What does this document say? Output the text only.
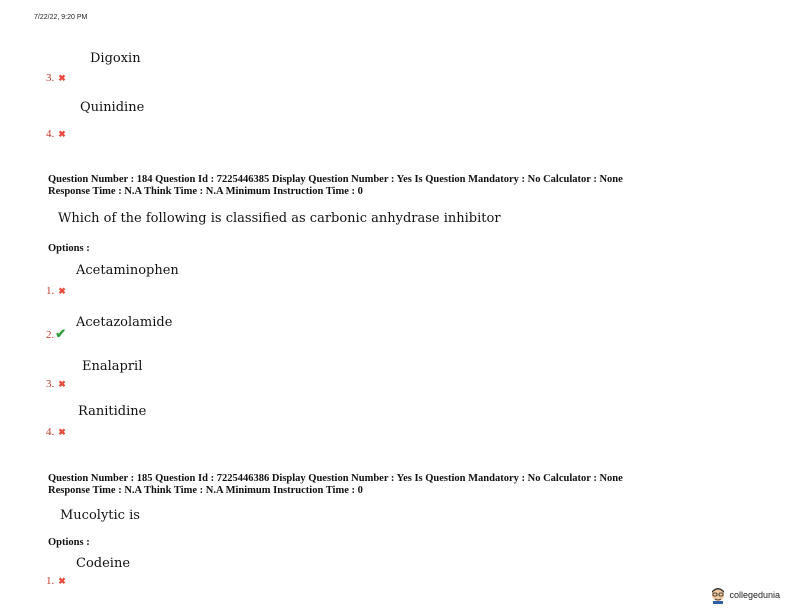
7/22/22, 9:20 PM
Digoxin
3. ✖
Quinidine
4. ✖
Question Number : 184 Question Id : 7225446385 Display Question Number : Yes Is Question Mandatory : No Calculator : None
Response Time : N.A Think Time : N.A Minimum Instruction Time : 0
Which of the following is classified as carbonic anhydrase inhibitor
Options :
Acetaminophen
1. ✖
Acetazolamide
2.✔
Enalapril
3. ✖
Ranitidine
4. ✖
Question Number : 185 Question Id : 7225446386 Display Question Number : Yes Is Question Mandatory : No Calculator : None
Response Time : N.A Think Time : N.A Minimum Instruction Time : 0
Mucolytic is
Options :
Codeine
1. ✖
collegedunia
